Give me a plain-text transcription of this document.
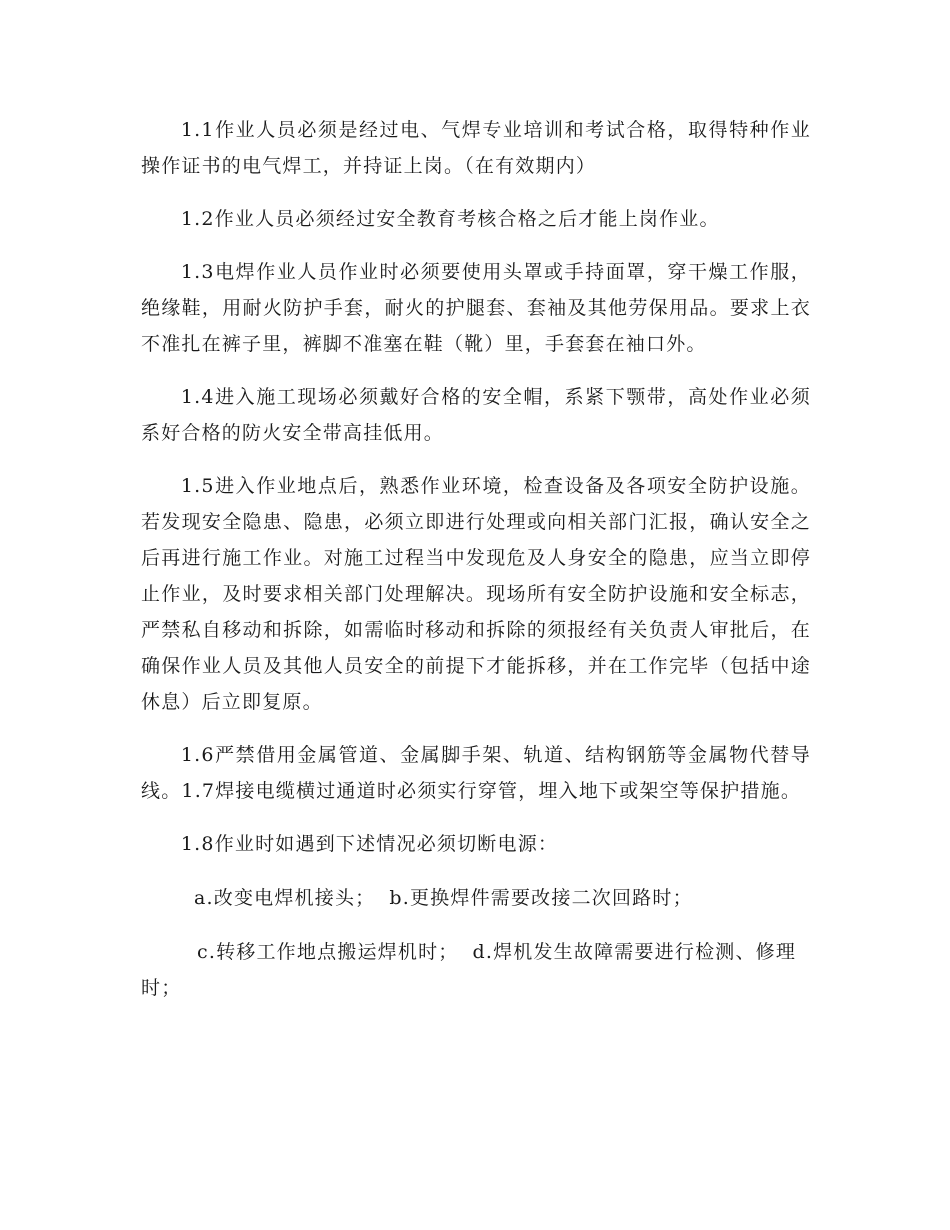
1.1作业人员必须是经过电、气焊专业培训和考试合格，取得特种作业操作证书的电气焊工，并持证上岗。（在有效期内）

1.2作业人员必须经过安全教育考核合格之后才能上岗作业。

1.3电焊作业人员作业时必须要使用头罩或手持面罩，穿干燥工作服，绝缘鞋，用耐火防护手套，耐火的护腿套、套袖及其他劳保用品。要求上衣不准扎在裤子里，裤脚不准塞在鞋（靴）里，手套套在袖口外。

1.4进入施工现场必须戴好合格的安全帽，系紧下颚带，高处作业必须系好合格的防火安全带高挂低用。

1.5进入作业地点后，熟悉作业环境，检查设备及各项安全防护设施。若发现安全隐患、隐患，必须立即进行处理或向相关部门汇报，确认安全之后再进行施工作业。对施工过程当中发现危及人身安全的隐患，应当立即停止作业，及时要求相关部门处理解决。现场所有安全防护设施和安全标志，严禁私自移动和拆除，如需临时移动和拆除的须报经有关负责人审批后，在确保作业人员及其他人员安全的前提下才能拆移，并在工作完毕（包括中途休息）后立即复原。

1.6严禁借用金属管道、金属脚手架、轨道、结构钢筋等金属物代替导线。1.7焊接电缆横过通道时必须实行穿管，埋入地下或架空等保护措施。

1.8作业时如遇到下述情况必须切断电源：

a.改变电焊机接头； b.更换焊件需要改接二次回路时；

c.转移工作地点搬运焊机时； d.焊机发生故障需要进行检测、修理时；
